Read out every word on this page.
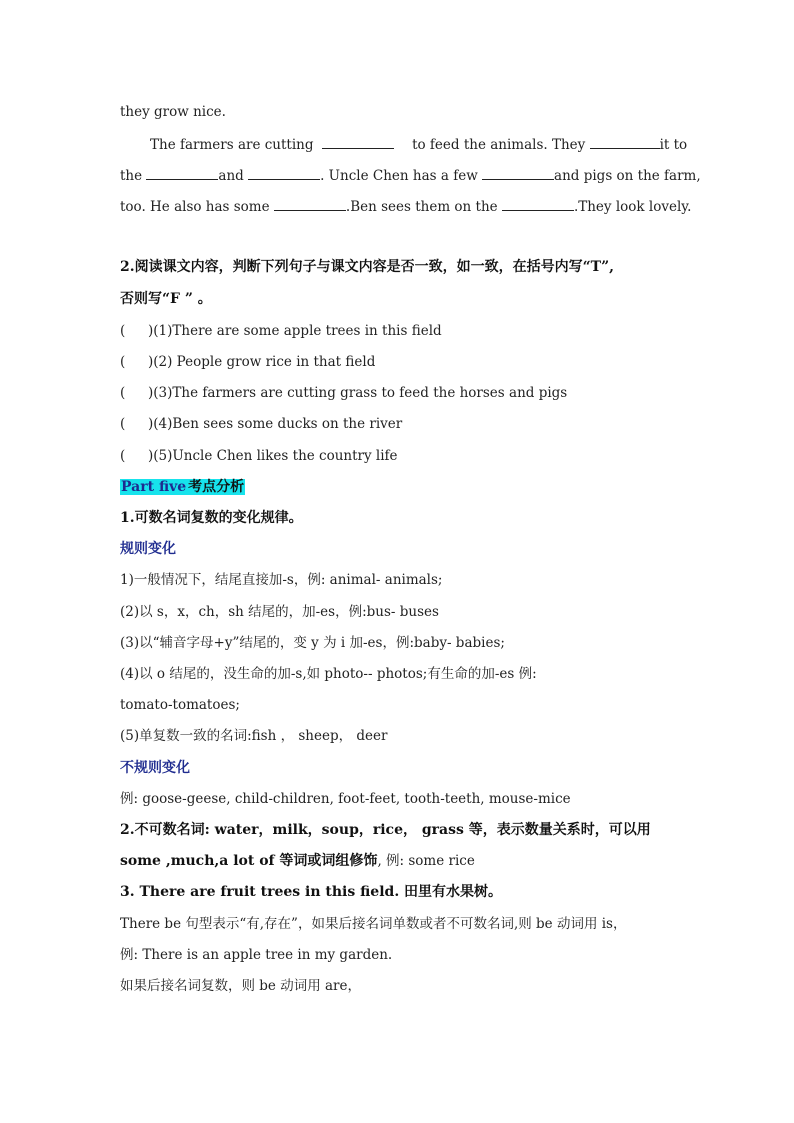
they grow nice.
The farmers are cutting	to feed the animals. They	it to
the	and	. Uncle Chen has a few	and pigs on the farm,
too. He also has some	.Ben sees them on the	.They look lovely.
2.阅读课文内容，判断下列句子与课文内容是否一致，如一致，在括号内写“T”,
否则写“F ” 。
( )(1)There are some apple trees in this field
( )(2) People grow rice in that field
( )(3)The farmers are cutting grass to feed the horses and pigs
( )(4)Ben sees some ducks on the river
( )(5)Uncle Chen likes the country life
Part five 考点分析
1.可数名词复数的变化规律。
规则变化
1)一般情况下，结尾直接加-s，例: animal- animals;
(2)以 s，x，ch，sh 结尾的，加-es，例:bus- buses
(3)以“辅音字母+y”结尾的，变 y 为 i 加-es，例:baby- babies;
(4)以 o 结尾的，没生命的加-s,如 photo-- photos;有生命的加-es 例:
tomato-tomatoes;
(5)单复数一致的名词:fish ， sheep， deer
不规则变化
例: goose-geese, child-children, foot-feet, tooth-teeth, mouse-mice
2.不可数名词: water，milk，soup，rice， grass 等，表示数量关系时，可以用
some ,much,a lot of 等词或词组修饰, 例: some rice
3. There are fruit trees in this field. 田里有水果树。
There be 句型表示“有,存在”，如果后接名词单数或者不可数名词,则 be 动词用 is，
例: There is an apple tree in my garden.
如果后接名词复数，则 be 动词用 are，
